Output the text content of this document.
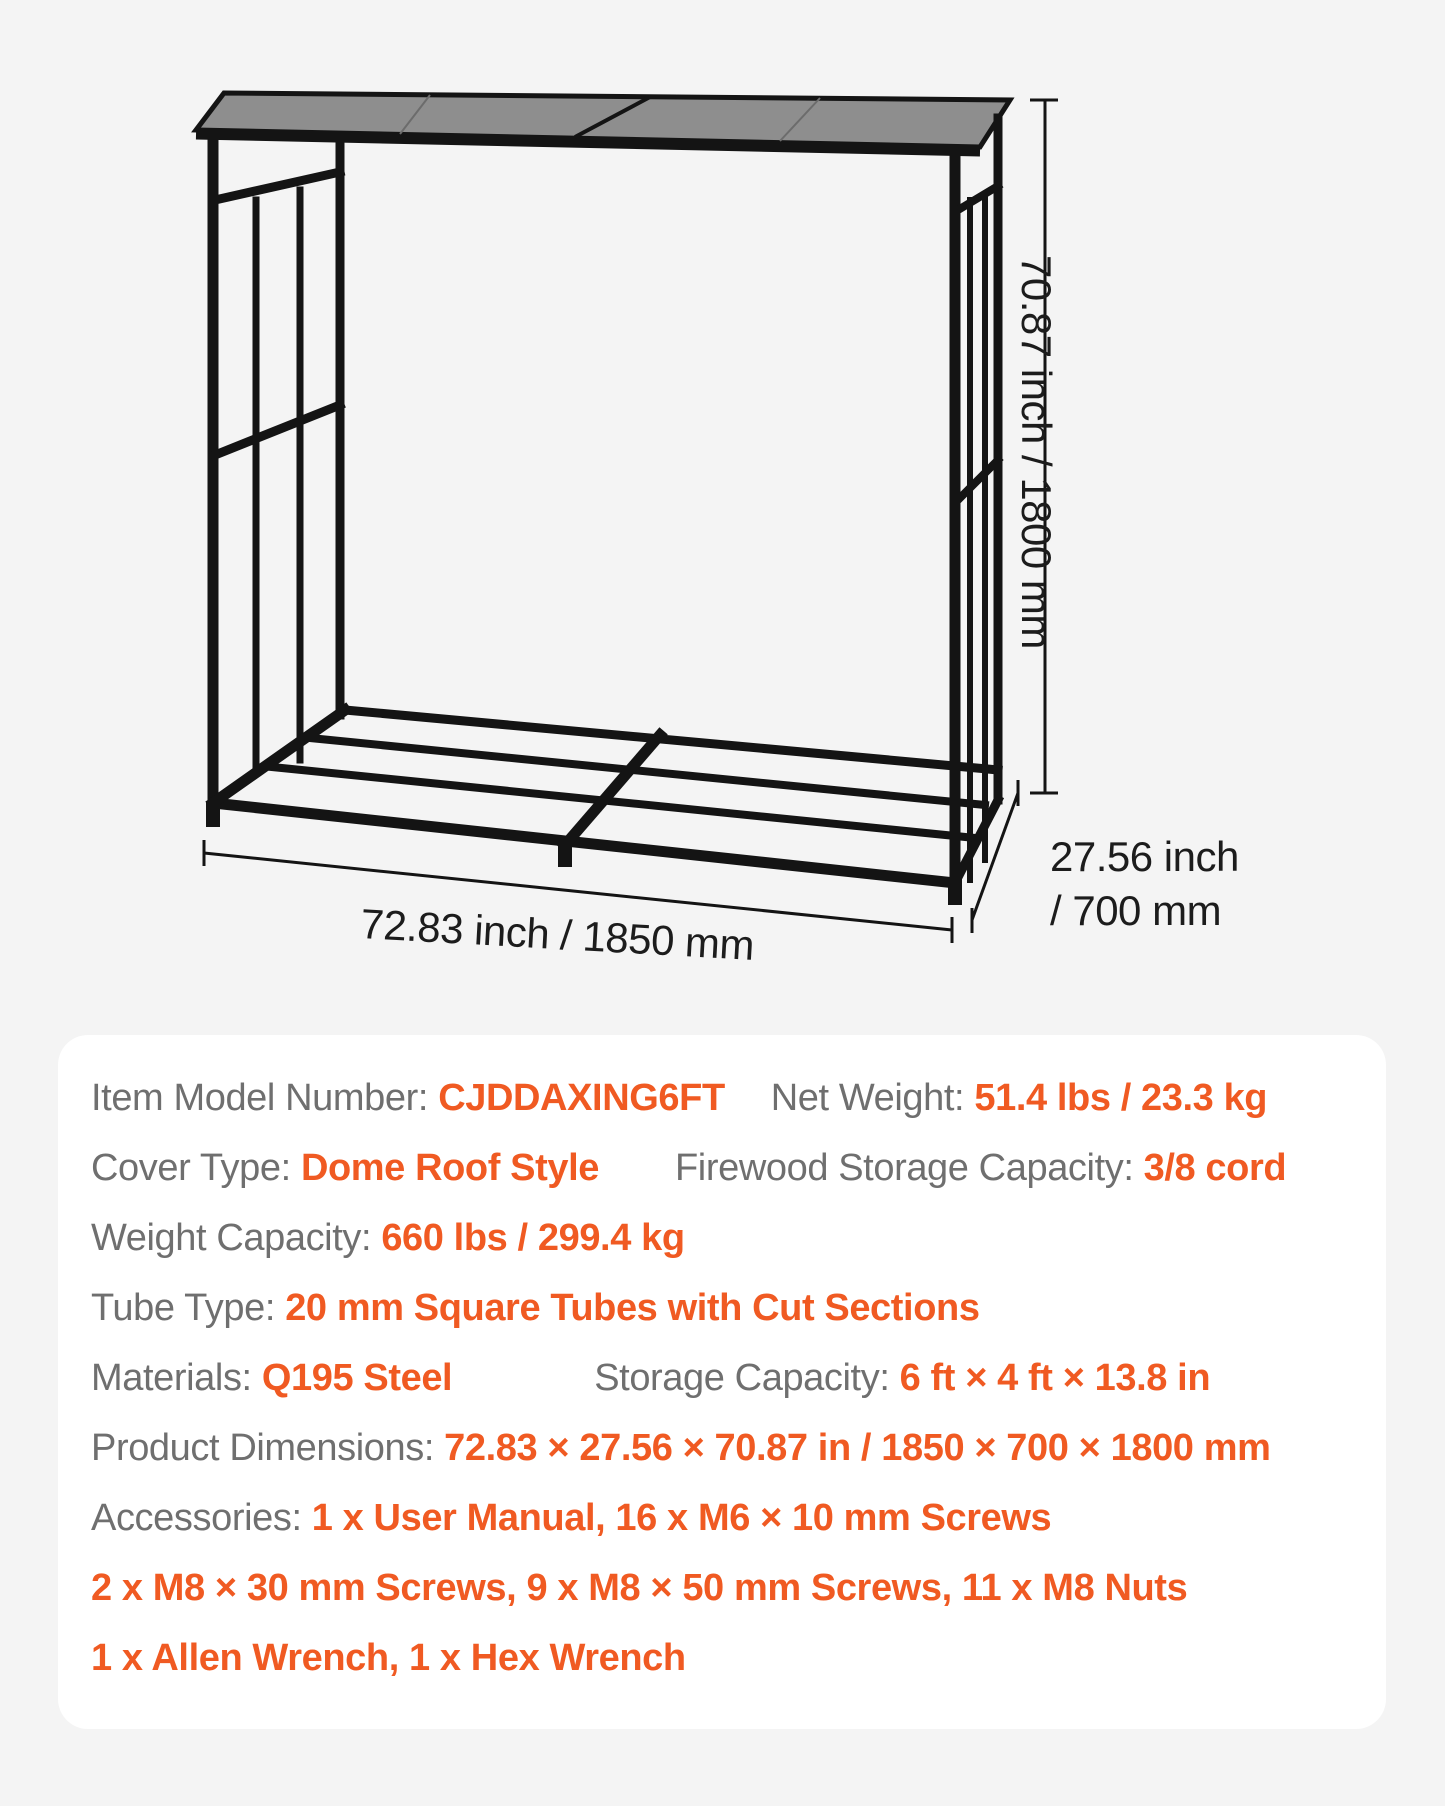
72.83 inch / 1850 mm
70.87 inch / 1800 mm
27.56 inch
/ 700 mm
Item Model Number: CJDDAXING6FT Net Weight: 51.4 lbs / 23.3 kg
Cover Type: Dome Roof Style Firewood Storage Capacity: 3/8 cord
Weight Capacity: 660 lbs / 299.4 kg
Tube Type: 20 mm Square Tubes with Cut Sections
Materials: Q195 Steel	Storage Capacity: 6 ft × 4 ft × 13.8 in
Product Dimensions: 72.83 × 27.56 × 70.87 in / 1850 × 700 × 1800 mm
Accessories: 1 x User Manual, 16 x M6 × 10 mm Screws
2 x M8 × 30 mm Screws, 9 x M8 × 50 mm Screws, 11 x M8 Nuts
1 x Allen Wrench, 1 x Hex Wrench
